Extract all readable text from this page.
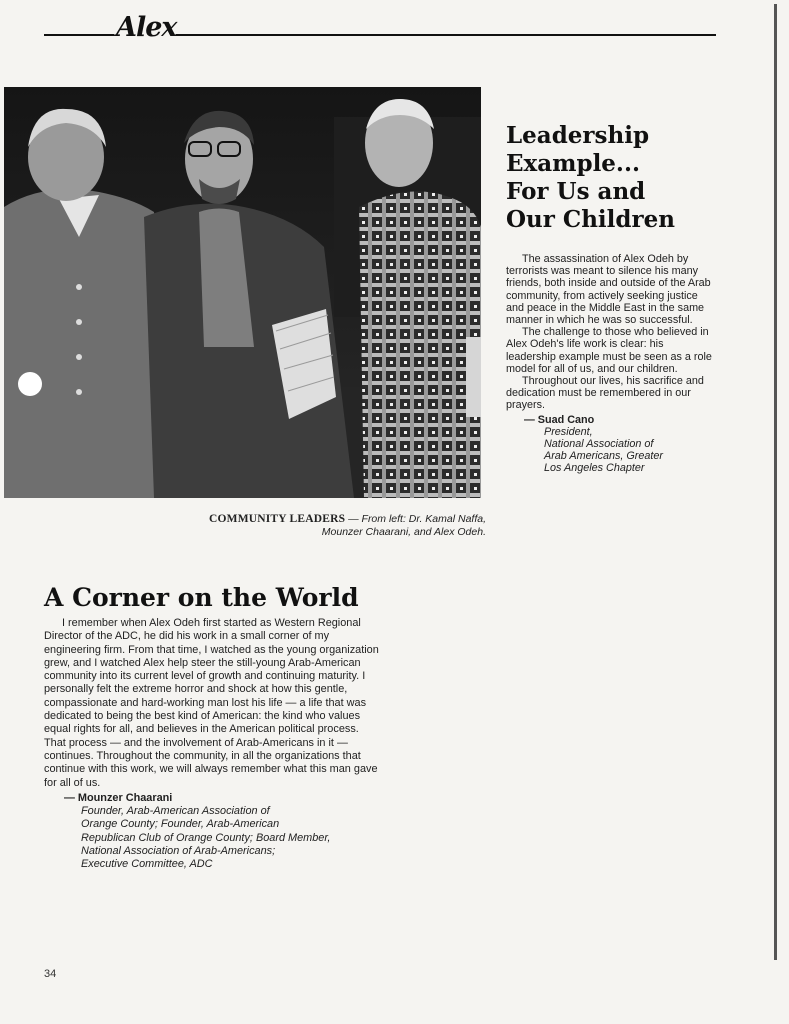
Alex
COMMUNITY LEADERS — From left: Dr. Kamal Naffa,
Mounzer Chaarani, and Alex Odeh.
Leadership
Example...
For Us and
Our Children

The assassination of Alex Odeh by terrorists was meant to silence his many friends, both inside and outside of the Arab community, from actively seeking justice and peace in the Middle East in the same manner in which he was so successful.

The challenge to those who believed in Alex Odeh's life work is clear: his leadership example must be seen as a role model for all of us, and our children.

Throughout our lives, his sacrifice and dedication must be remembered in our prayers.

— Suad Cano
President,
National Association of
Arab Americans, Greater
Los Angeles Chapter
A Corner on the World

I remember when Alex Odeh first started as Western Regional Director of the ADC, he did his work in a small corner of my engineering firm. From that time, I watched as the young organization grew, and I watched Alex help steer the still-young Arab-American community into its current level of growth and continuing maturity. I personally felt the extreme horror and shock at how this gentle, compassionate and hard-working man lost his life — a life that was dedicated to being the best kind of American: the kind who values equal rights for all, and believes in the American political process. That process — and the involvement of Arab-Americans in it — continues. Throughout the community, in all the organizations that continue with this work, we will always remember what this man gave for all of us.

— Mounzer Chaarani
Founder, Arab-American Association of
Orange County; Founder, Arab-American
Republican Club of Orange County; Board Member,
National Association of Arab-Americans;
Executive Committee, ADC
34
